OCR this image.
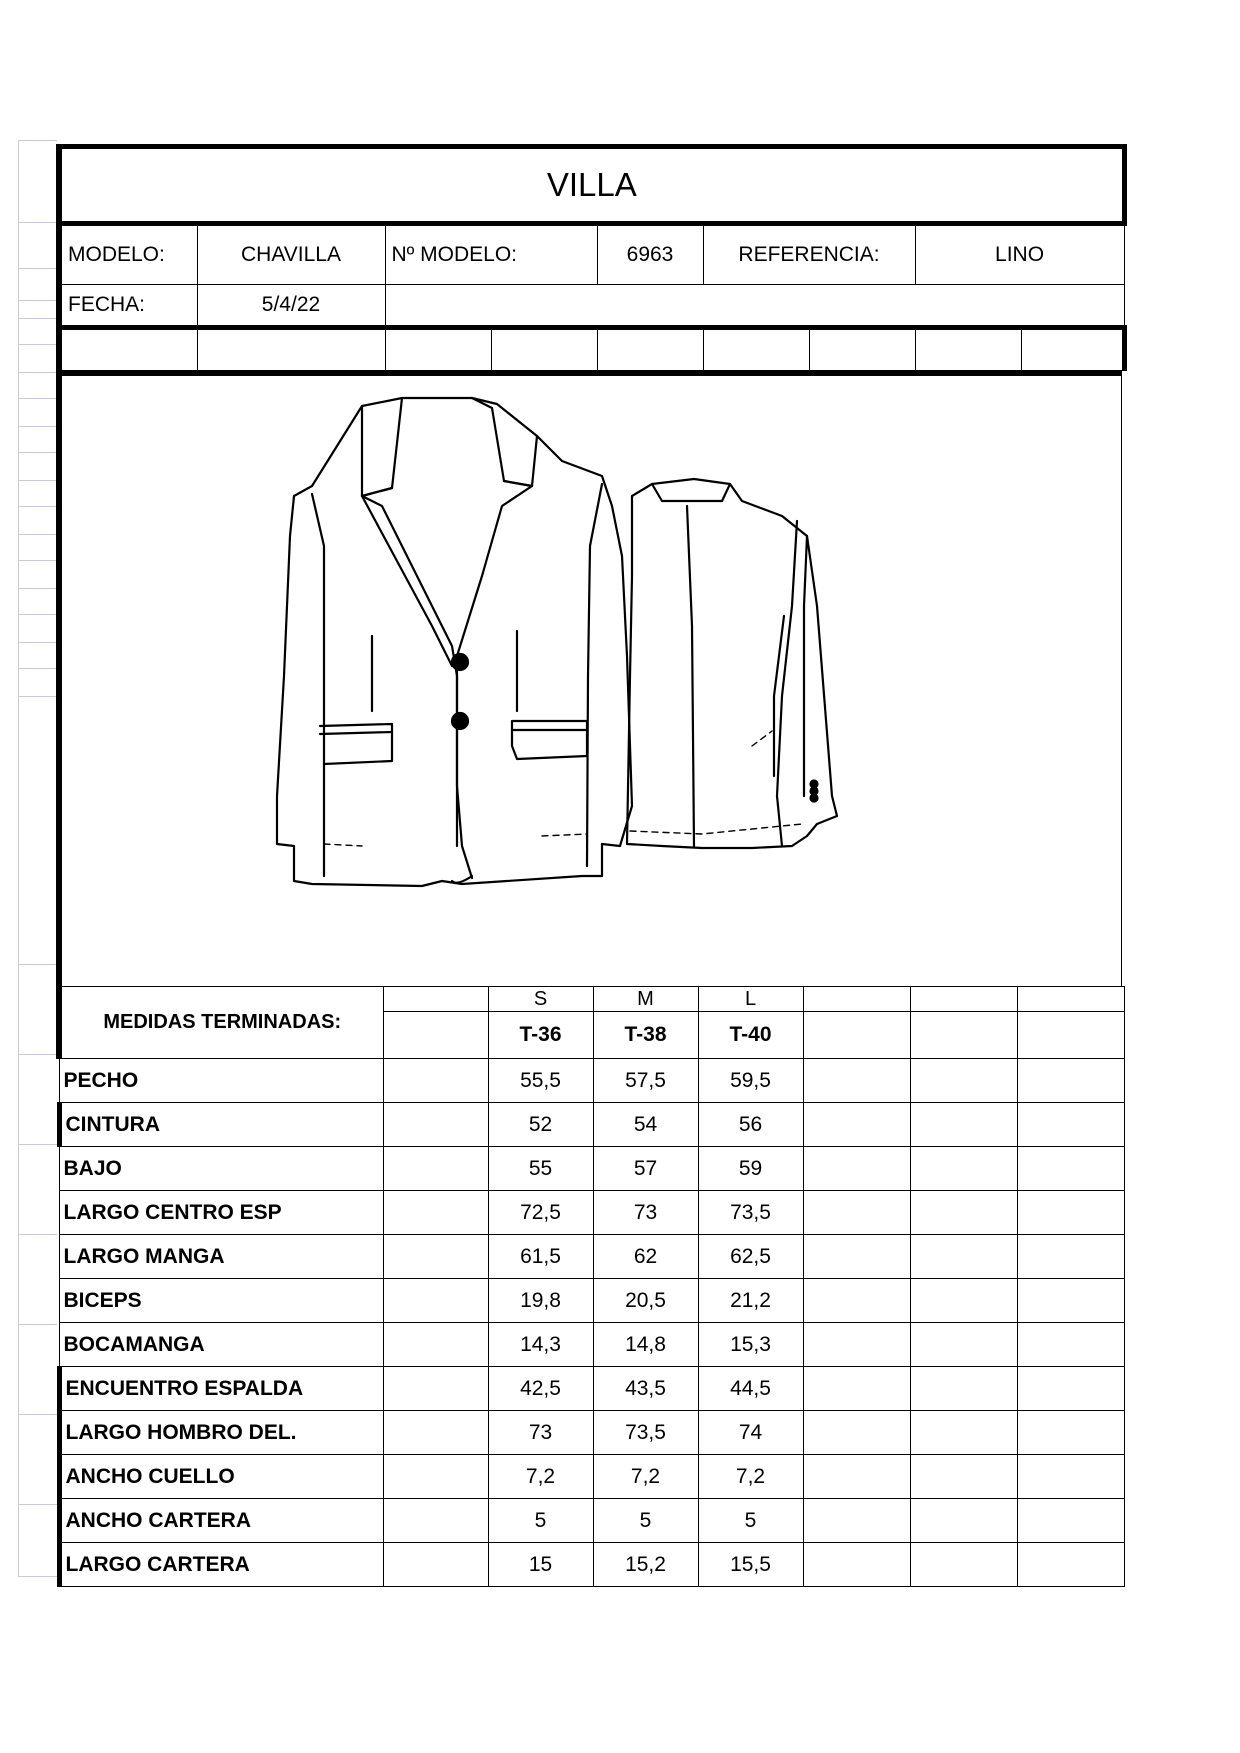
VILLA								
MODELO:	CHAVILLA	Nº MODELO:		6963	REFERENCIA:		LINO	
FECHA:	5/4/22							

MEDIDAS TERMINADAS:		S	M	L			
		T-36	T-38	T-40			
PECHO		55,5	57,5	59,5			
CINTURA		52	54	56			
BAJO		55	57	59			
LARGO CENTRO ESP		72,5	73	73,5			
LARGO MANGA		61,5	62	62,5			
BICEPS		19,8	20,5	21,2			
BOCAMANGA		14,3	14,8	15,3			
ENCUENTRO ESPALDA		42,5	43,5	44,5			
LARGO HOMBRO DEL.		73	73,5	74			
ANCHO CUELLO		7,2	7,2	7,2			
ANCHO CARTERA		5	5	5			
LARGO CARTERA		15	15,2	15,5			
